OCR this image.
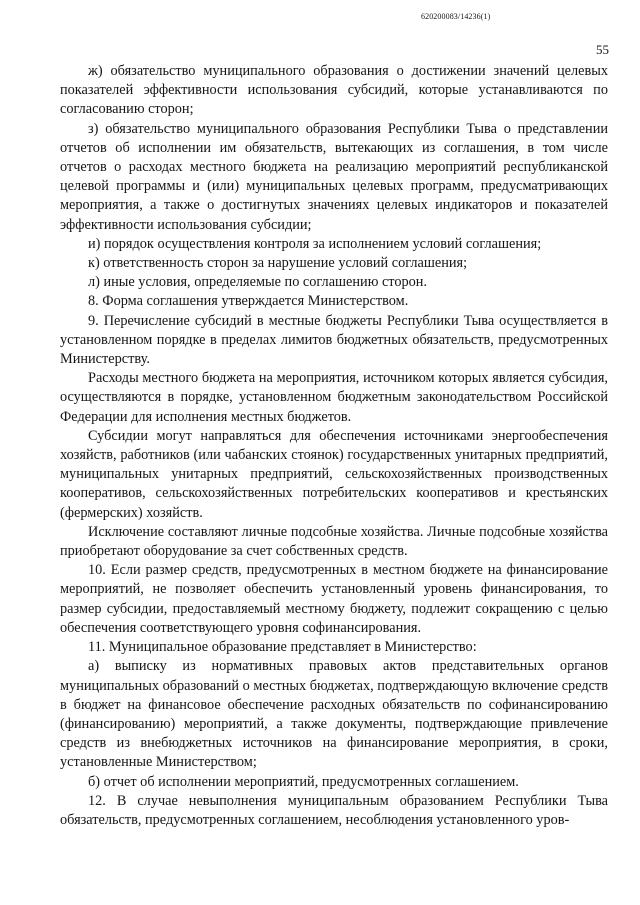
620200083/14236(1)
55

ж) обязательство муниципального образования о достижении значений целевых показателей эффективности использования субсидий, которые устанавливаются по согласованию сторон;

з) обязательство муниципального образования Республики Тыва о представлении отчетов об исполнении им обязательств, вытекающих из соглашения, в том числе отчетов о расходах местного бюджета на реализацию мероприятий республиканской целевой программы и (или) муниципальных целевых программ, предусматривающих мероприятия, а также о достигнутых значениях целевых индикаторов и показателей эффективности использования субсидии;

и) порядок осуществления контроля за исполнением условий соглашения;

к) ответственность сторон за нарушение условий соглашения;

л) иные условия, определяемые по соглашению сторон.

8. Форма соглашения утверждается Министерством.

9. Перечисление субсидий в местные бюджеты Республики Тыва осуществляется в установленном порядке в пределах лимитов бюджетных обязательств, предусмотренных Министерству.

Расходы местного бюджета на мероприятия, источником которых является субсидия, осуществляются в порядке, установленном бюджетным законодательством Российской Федерации для исполнения местных бюджетов.

Субсидии могут направляться для обеспечения источниками энергообеспечения хозяйств, работников (или чабанских стоянок) государственных унитарных предприятий, муниципальных унитарных предприятий, сельскохозяйственных производственных кооперативов, сельскохозяйственных потребительских кооперативов и крестьянских (фермерских) хозяйств.

Исключение составляют личные подсобные хозяйства. Личные подсобные хозяйства приобретают оборудование за счет собственных средств.

10. Если размер средств, предусмотренных в местном бюджете на финансирование мероприятий, не позволяет обеспечить установленный уровень финансирования, то размер субсидии, предоставляемый местному бюджету, подлежит сокращению с целью обеспечения соответствующего уровня софинансирования.

11. Муниципальное образование представляет в Министерство:

а) выписку из нормативных правовых актов представительных органов муниципальных образований о местных бюджетах, подтверждающую включение средств в бюджет на финансовое обеспечение расходных обязательств по софинансированию (финансированию) мероприятий, а также документы, подтверждающие привлечение средств из внебюджетных источников на финансирование мероприятия, в сроки, установленные Министерством;

б) отчет об исполнении мероприятий, предусмотренных соглашением.

12. В случае невыполнения муниципальным образованием Республики Тыва обязательств, предусмотренных соглашением, несоблюдения установленного уров-
